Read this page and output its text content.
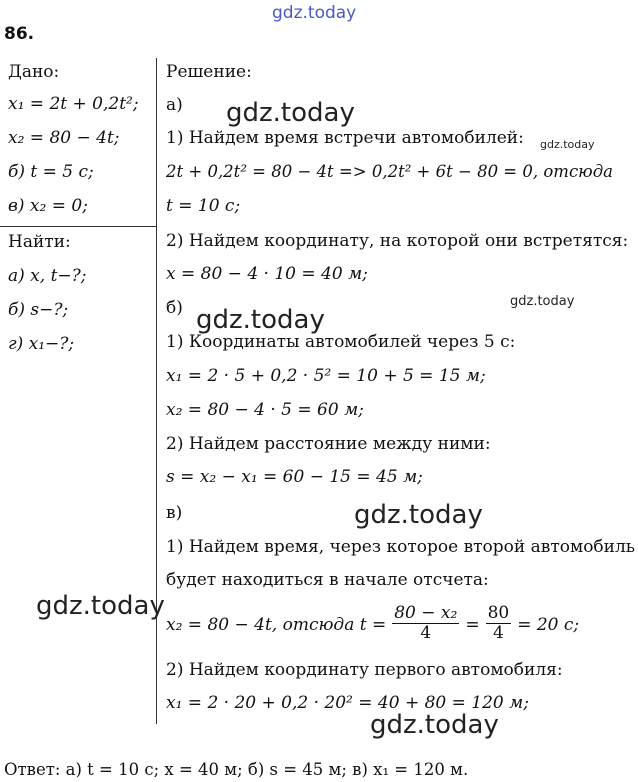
gdz.today
86.
Дано:
x₁ = 2t + 0,2t²;
x₂ = 80 − 4t;
б) t = 5 с;
в) x₂ = 0;
Найти:
а) x, t−?;
б) s−?;
г) x₁−?;
Решение:
а)
1) Найдем время встречи автомобилей:
2t + 0,2t² = 80 − 4t => 0,2t² + 6t − 80 = 0, отсюда
t = 10 с;
2) Найдем координату, на которой они встретятся:
x = 80 − 4 · 10 = 40 м;
б)
1) Координаты автомобилей через 5 с:
x₁ = 2 · 5 + 0,2 · 5² = 10 + 5 = 15 м;
x₂ = 80 − 4 · 5 = 60 м;
2) Найдем расстояние между ними:
s = x₂ − x₁ = 60 − 15 = 45 м;
в)
1) Найдем время, через которое второй автомобиль
будет находиться в начале отсчета:
x₂ = 80 − 4t, отсюда $t = \frac{\text{80 − x₂}}{4} = \frac{80}{4} = 20$ с;
2) Найдем координату первого автомобиля:
x₁ = 2 · 20 + 0,2 · 20² = 40 + 80 = 120 м;
Ответ: а) t = 10 с; x = 40 м; б) s = 45 м; в) x₁ = 120 м.
gdz.today
gdz.today
gdz.today
gdz.today
gdz.today
gdz.today
gdz.today
